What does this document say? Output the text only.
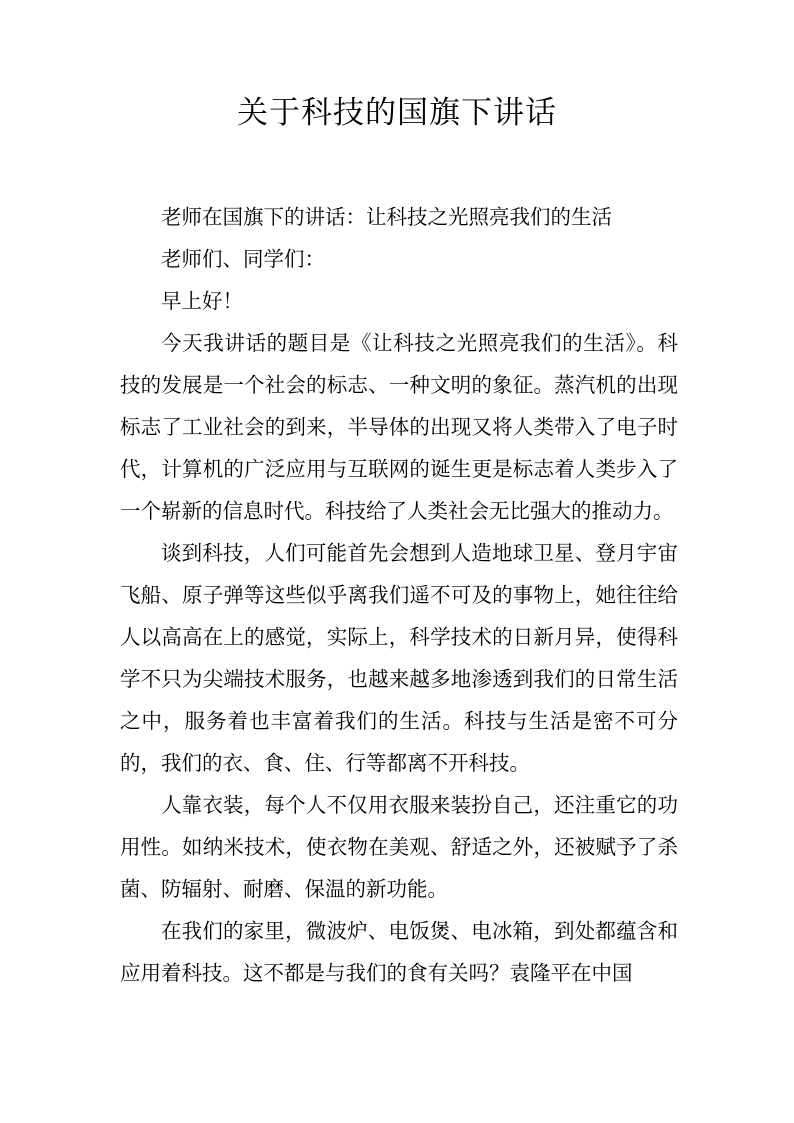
关于科技的国旗下讲话

老师在国旗下的讲话：让科技之光照亮我们的生活

老师们、同学们：

早上好！

今天我讲话的题目是《让科技之光照亮我们的生活》。科技的发展是一个社会的标志、一种文明的象征。蒸汽机的出现标志了工业社会的到来，半导体的出现又将人类带入了电子时代，计算机的广泛应用与互联网的诞生更是标志着人类步入了一个崭新的信息时代。科技给了人类社会无比强大的推动力。

谈到科技，人们可能首先会想到人造地球卫星、登月宇宙飞船、原子弹等这些似乎离我们遥不可及的事物上，她往往给人以高高在上的感觉，实际上，科学技术的日新月异，使得科学不只为尖端技术服务，也越来越多地渗透到我们的日常生活之中，服务着也丰富着我们的生活。科技与生活是密不可分的，我们的衣、食、住、行等都离不开科技。

人靠衣装，每个人不仅用衣服来装扮自己，还注重它的功用性。如纳米技术，使衣物在美观、舒适之外，还被赋予了杀菌、防辐射、耐磨、保温的新功能。

在我们的家里，微波炉、电饭煲、电冰箱，到处都蕴含和应用着科技。这不都是与我们的食有关吗？袁隆平在中国
